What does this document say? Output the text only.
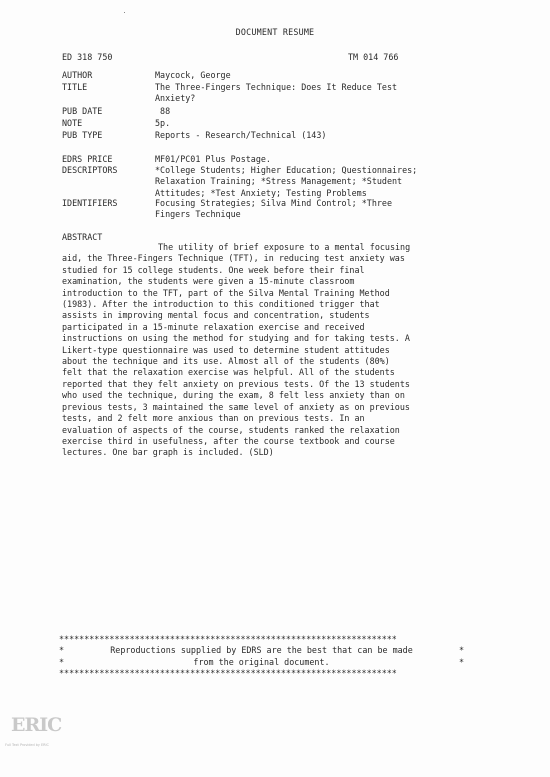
DOCUMENT RESUME
ED 318 750	TM 014 766
AUTHOR	Maycock, George
TITLE	The Three-Fingers Technique: Does It Reduce Test
Anxiety?
PUB DATE	88
NOTE	5p.
PUB TYPE	Reports - Research/Technical (143)
EDRS PRICE	MF01/PC01 Plus Postage.
DESCRIPTORS	*College Students; Higher Education; Questionnaires;
Relaxation Training; *Stress Management; *Student
Attitudes; *Test Anxiety; Testing Problems
IDENTIFIERS	Focusing Strategies; Silva Mind Control; *Three
Fingers Technique
ABSTRACT
The utility of brief exposure to a mental focusing
aid, the Three-Fingers Technique (TFT), in reducing test anxiety was
studied for 15 college students. One week before their final
examination, the students were given a 15-minute classroom
introduction to the TFT, part of the Silva Mental Training Method
(1983). After the introduction to this conditioned trigger that
assists in improving mental focus and concentration, students
participated in a 15-minute relaxation exercise and received
instructions on using the method for studying and for taking tests. A
Likert-type questionnaire was used to determine student attitudes
about the technique and its use. Almost all of the students (80%)
felt that the relaxation exercise was helpful. All of the students
reported that they felt anxiety on previous tests. Of the 13 students
who used the technique, during the exam, 8 felt less anxiety than on
previous tests, 3 maintained the same level of anxiety as on previous
tests, and 2 felt more anxious than on previous tests. In an
evaluation of aspects of the course, students ranked the relaxation
exercise third in usefulness, after the course textbook and course
lectures. One bar graph is included. (SLD)
*******************************************************************
*	Reproductions supplied by EDRS are the best that can be made	*
*	from the original document.	*
*******************************************************************
ERIC
Full Text Provided by ERIC
